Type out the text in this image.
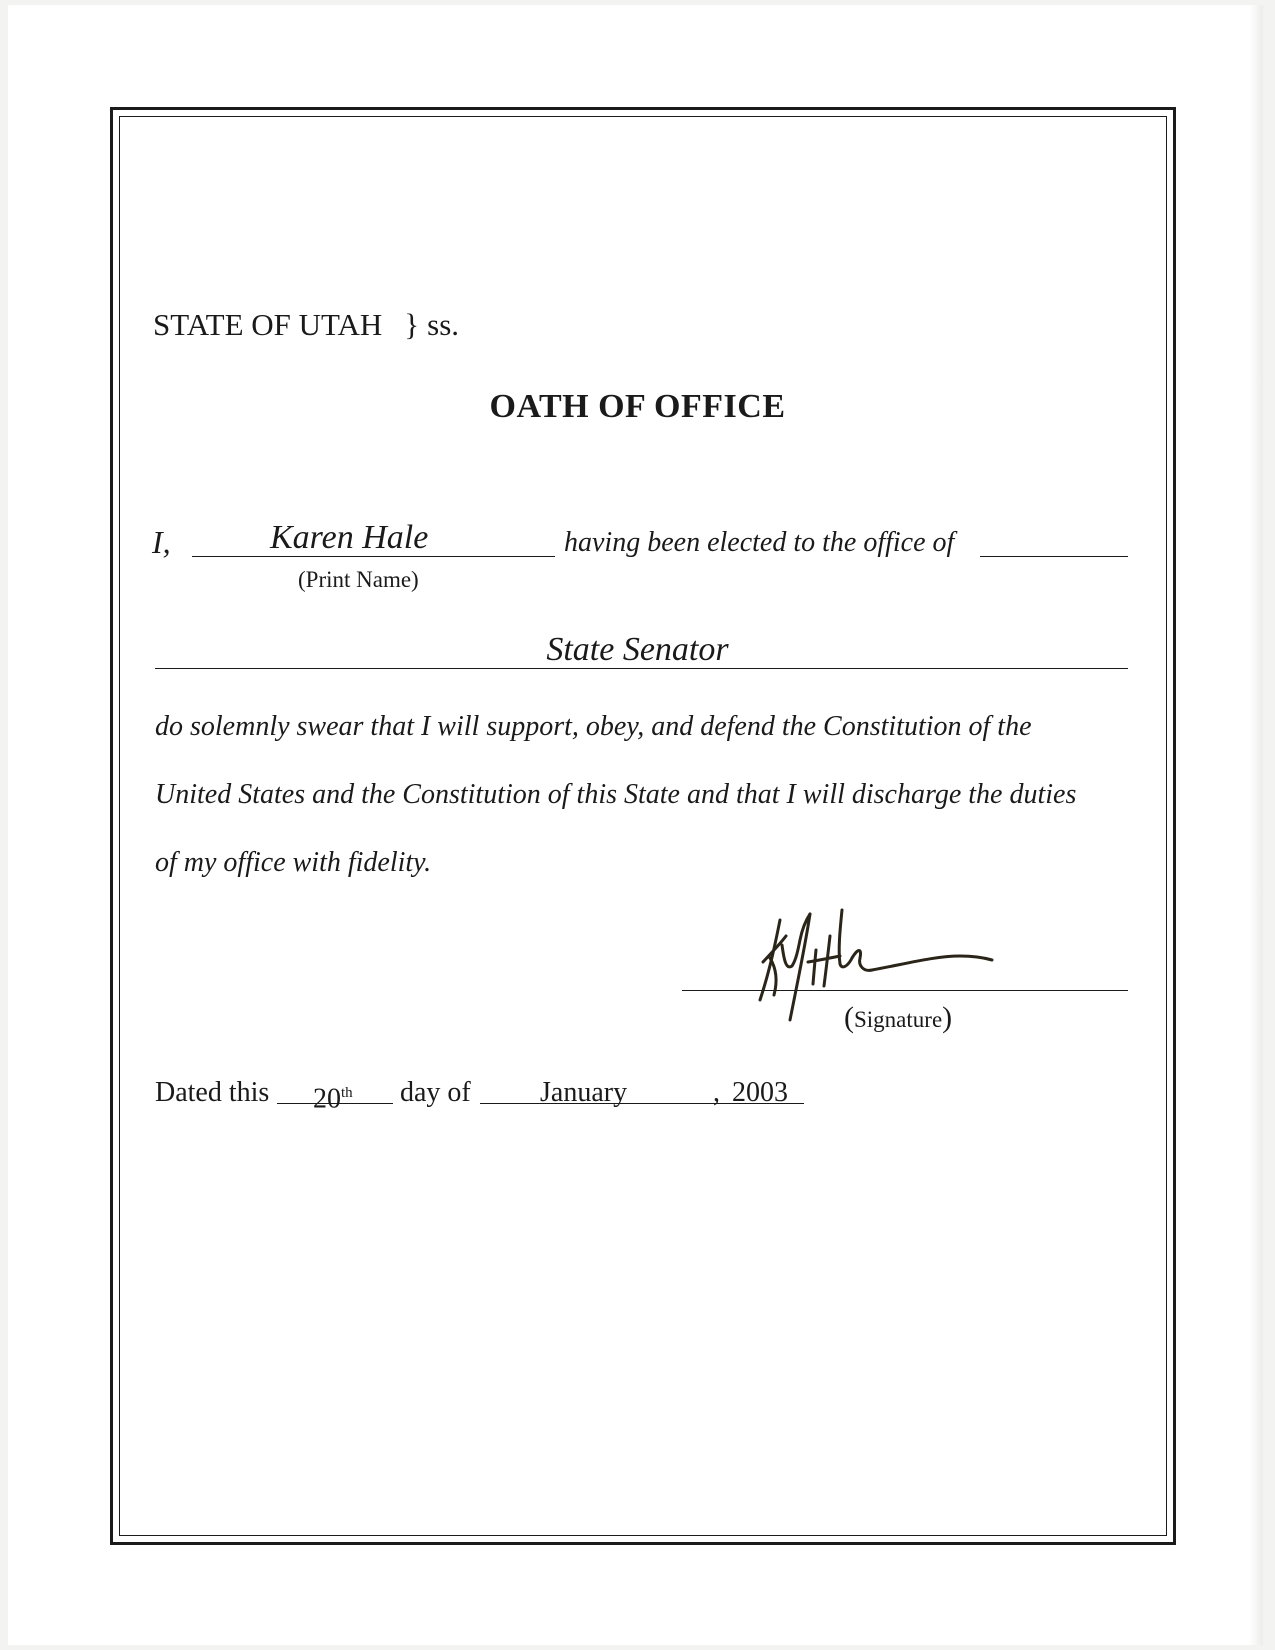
STATE OF UTAH } ss.
OATH OF OFFICE
I,	Karen Hale	having been elected to the office of
(Print Name)
State Senator
do solemnly swear that I will support, obey, and defend the Constitution of the
United States and the Constitution of this State and that I will discharge the duties
of my office with fidelity.
(Signature)
Dated this 20th day of January	, 2003
